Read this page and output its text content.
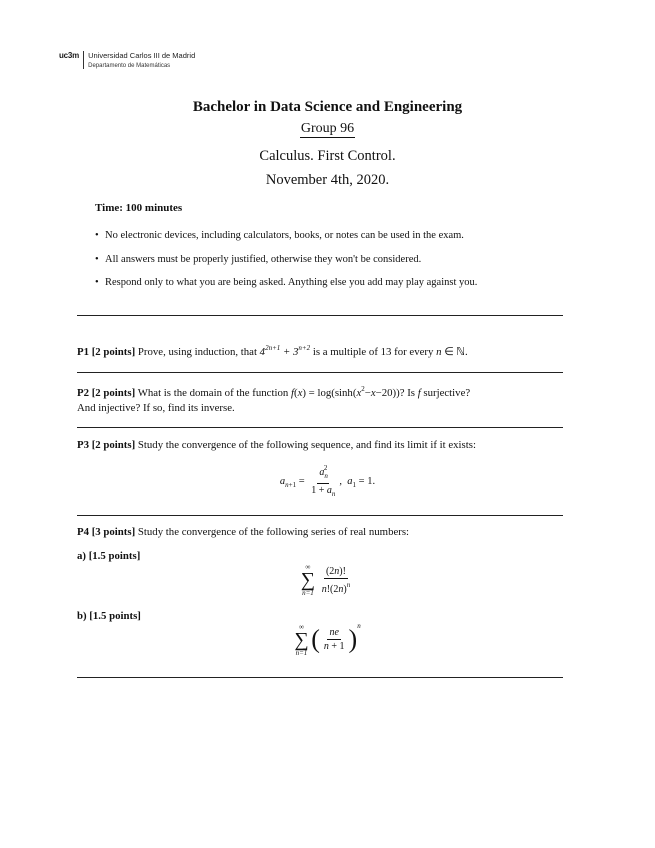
uc3m Universidad Carlos III de Madrid
Departamento de Matemáticas
Bachelor in Data Science and Engineering
Group 96
Calculus. First Control.
November 4th, 2020.
Time: 100 minutes
• No electronic devices, including calculators, books, or notes can be used in the exam.
• All answers must be properly justified, otherwise they won't be considered.
• Respond only to what you are being asked. Anything else you add may play against you.
P1 [2 points] Prove, using induction, that $4^{2n+1} + 3^{n+2}$ is a multiple of 13 for every n ∈ ℕ.
P2 [2 points] What is the domain of the function $f(x) = \log(\sinh(x^2-x-20))$? Is f surjective?
And injective? If so, find its inverse.
P3 [2 points] Study the convergence of the following sequence, and find its limit if it exists:
$a_{n+1} = \frac{a_n^2}{1 + a_n}$ ,  $a_1 = 1$.
P4 [3 points] Study the convergence of the following series of real numbers:
a) [1.5 points]
∞
∑
n=1
$\frac{(2n)!}{n!(2n)^n}$
b) [1.5 points]
∞
∑
n=1 ( $\frac{ne}{n + 1} )^n$
